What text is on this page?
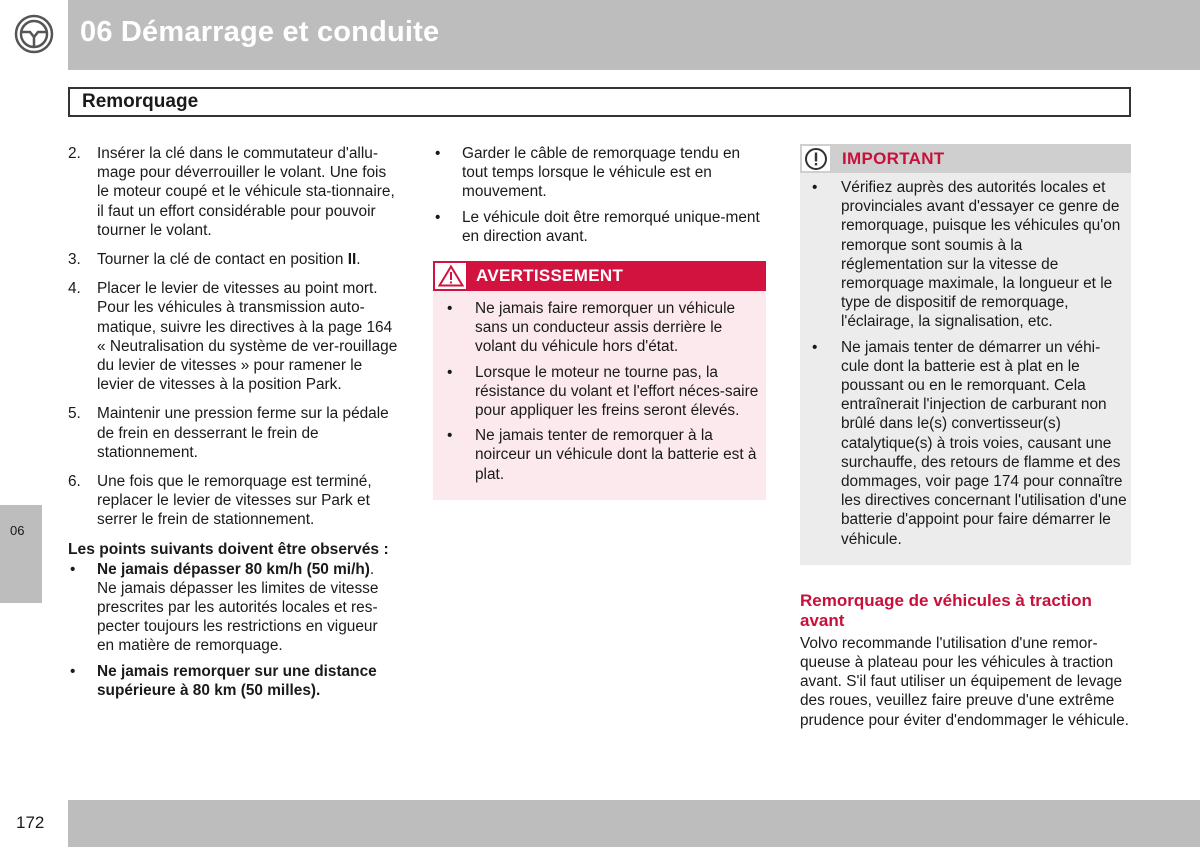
06 Démarrage et conduite
Remorquage
06
172
2.	Insérer la clé dans le commutateur d'allu-mage pour déverrouiller le volant. Une fois le moteur coupé et le véhicule sta-tionnaire, il faut un effort considérable pour pouvoir tourner le volant.
3.	Tourner la clé de contact en position II.
4.	Placer le levier de vitesses au point mort. Pour les véhicules à transmission auto-matique, suivre les directives à la page 164 « Neutralisation du système de ver-rouillage du levier de vitesses » pour ramener le levier de vitesses à la position Park.
5.	Maintenir une pression ferme sur la pédale de frein en desserrant le frein de stationnement.
6.	Une fois que le remorquage est terminé, replacer le levier de vitesses sur Park et serrer le frein de stationnement.
Les points suivants doivent être observés :
•	Ne jamais dépasser 80 km/h (50 mi/h). Ne jamais dépasser les limites de vitesse prescrites par les autorités locales et res-pecter toujours les restrictions en vigueur en matière de remorquage.
•	Ne jamais remorquer sur une distance supérieure à 80 km (50 milles).
•	Garder le câble de remorquage tendu en tout temps lorsque le véhicule est en mouvement.
•	Le véhicule doit être remorqué unique-ment en direction avant.
AVERTISSEMENT
•	Ne jamais faire remorquer un véhicule sans un conducteur assis derrière le volant du véhicule hors d'état.
•	Lorsque le moteur ne tourne pas, la résistance du volant et l'effort néces-saire pour appliquer les freins seront élevés.
•	Ne jamais tenter de remorquer à la noirceur un véhicule dont la batterie est à plat.
IMPORTANT
•	Vérifiez auprès des autorités locales et provinciales avant d'essayer ce genre de remorquage, puisque les véhicules qu'on remorque sont soumis à la réglementation sur la vitesse de remorquage maximale, la longueur et le type de dispositif de remorquage, l'éclairage, la signalisation, etc.
•	Ne jamais tenter de démarrer un véhi-cule dont la batterie est à plat en le poussant ou en le remorquant. Cela entraînerait l'injection de carburant non brûlé dans le(s) convertisseur(s) catalytique(s) à trois voies, causant une surchauffe, des retours de flamme et des dommages, voir page 174 pour connaître les directives concernant l'utilisation d'une batterie d'appoint pour faire démarrer le véhicule.
Remorquage de véhicules à traction avant
Volvo recommande l'utilisation d'une remor-queuse à plateau pour les véhicules à traction avant. S'il faut utiliser un équipement de levage des roues, veuillez faire preuve d'une extrême prudence pour éviter d'endommager le véhicule.
